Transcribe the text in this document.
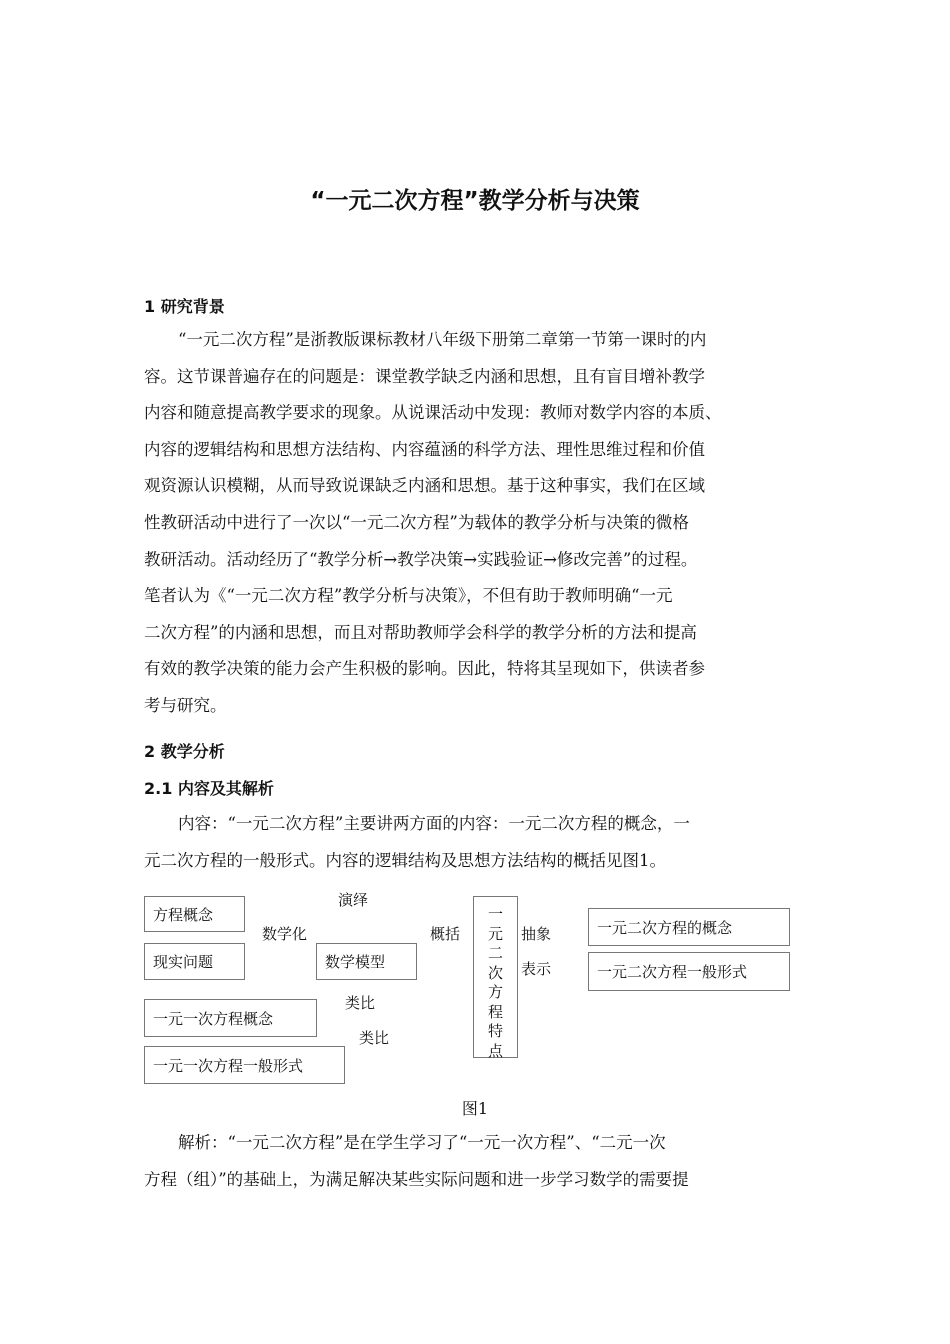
“一元二次方程”教学分析与决策
1 研究背景
“一元二次方程”是浙教版课标教材八年级下册第二章第一节第一课时的内
容。这节课普遍存在的问题是：课堂教学缺乏内涵和思想，且有盲目增补教学
内容和随意提高教学要求的现象。从说课活动中发现：教师对数学内容的本质、
内容的逻辑结构和思想方法结构、内容蕴涵的科学方法、理性思维过程和价值
观资源认识模糊，从而导致说课缺乏内涵和思想。基于这种事实，我们在区域
性教研活动中进行了一次以“一元二次方程”为载体的教学分析与决策的微格
教研活动。活动经历了“教学分析→教学决策→实践验证→修改完善”的过程。
笔者认为《“一元二次方程”教学分析与决策》，不但有助于教师明确“一元
二次方程”的内涵和思想，而且对帮助教师学会科学的教学分析的方法和提高
有效的教学决策的能力会产生积极的影响。因此，特将其呈现如下，供读者参
考与研究。
2 教学分析
2.1 内容及其解析
内容：“一元二次方程”主要讲两方面的内容：一元二次方程的概念，一
元二次方程的一般形式。内容的逻辑结构及思想方法结构的概括见图1。
方程概念
现实问题	数学模型
一元一次方程概念
一元一次方程一般形式
一
元
二
次
方
程
特
点
一元二次方程的概念
一元二次方程一般形式
演绎
数学化	概括	抽象
表示
类比
类比
图1
解析：“一元二次方程”是在学生学习了“一元一次方程”、“二元一次
方程（组）”的基础上，为满足解决某些实际问题和进一步学习数学的需要提
